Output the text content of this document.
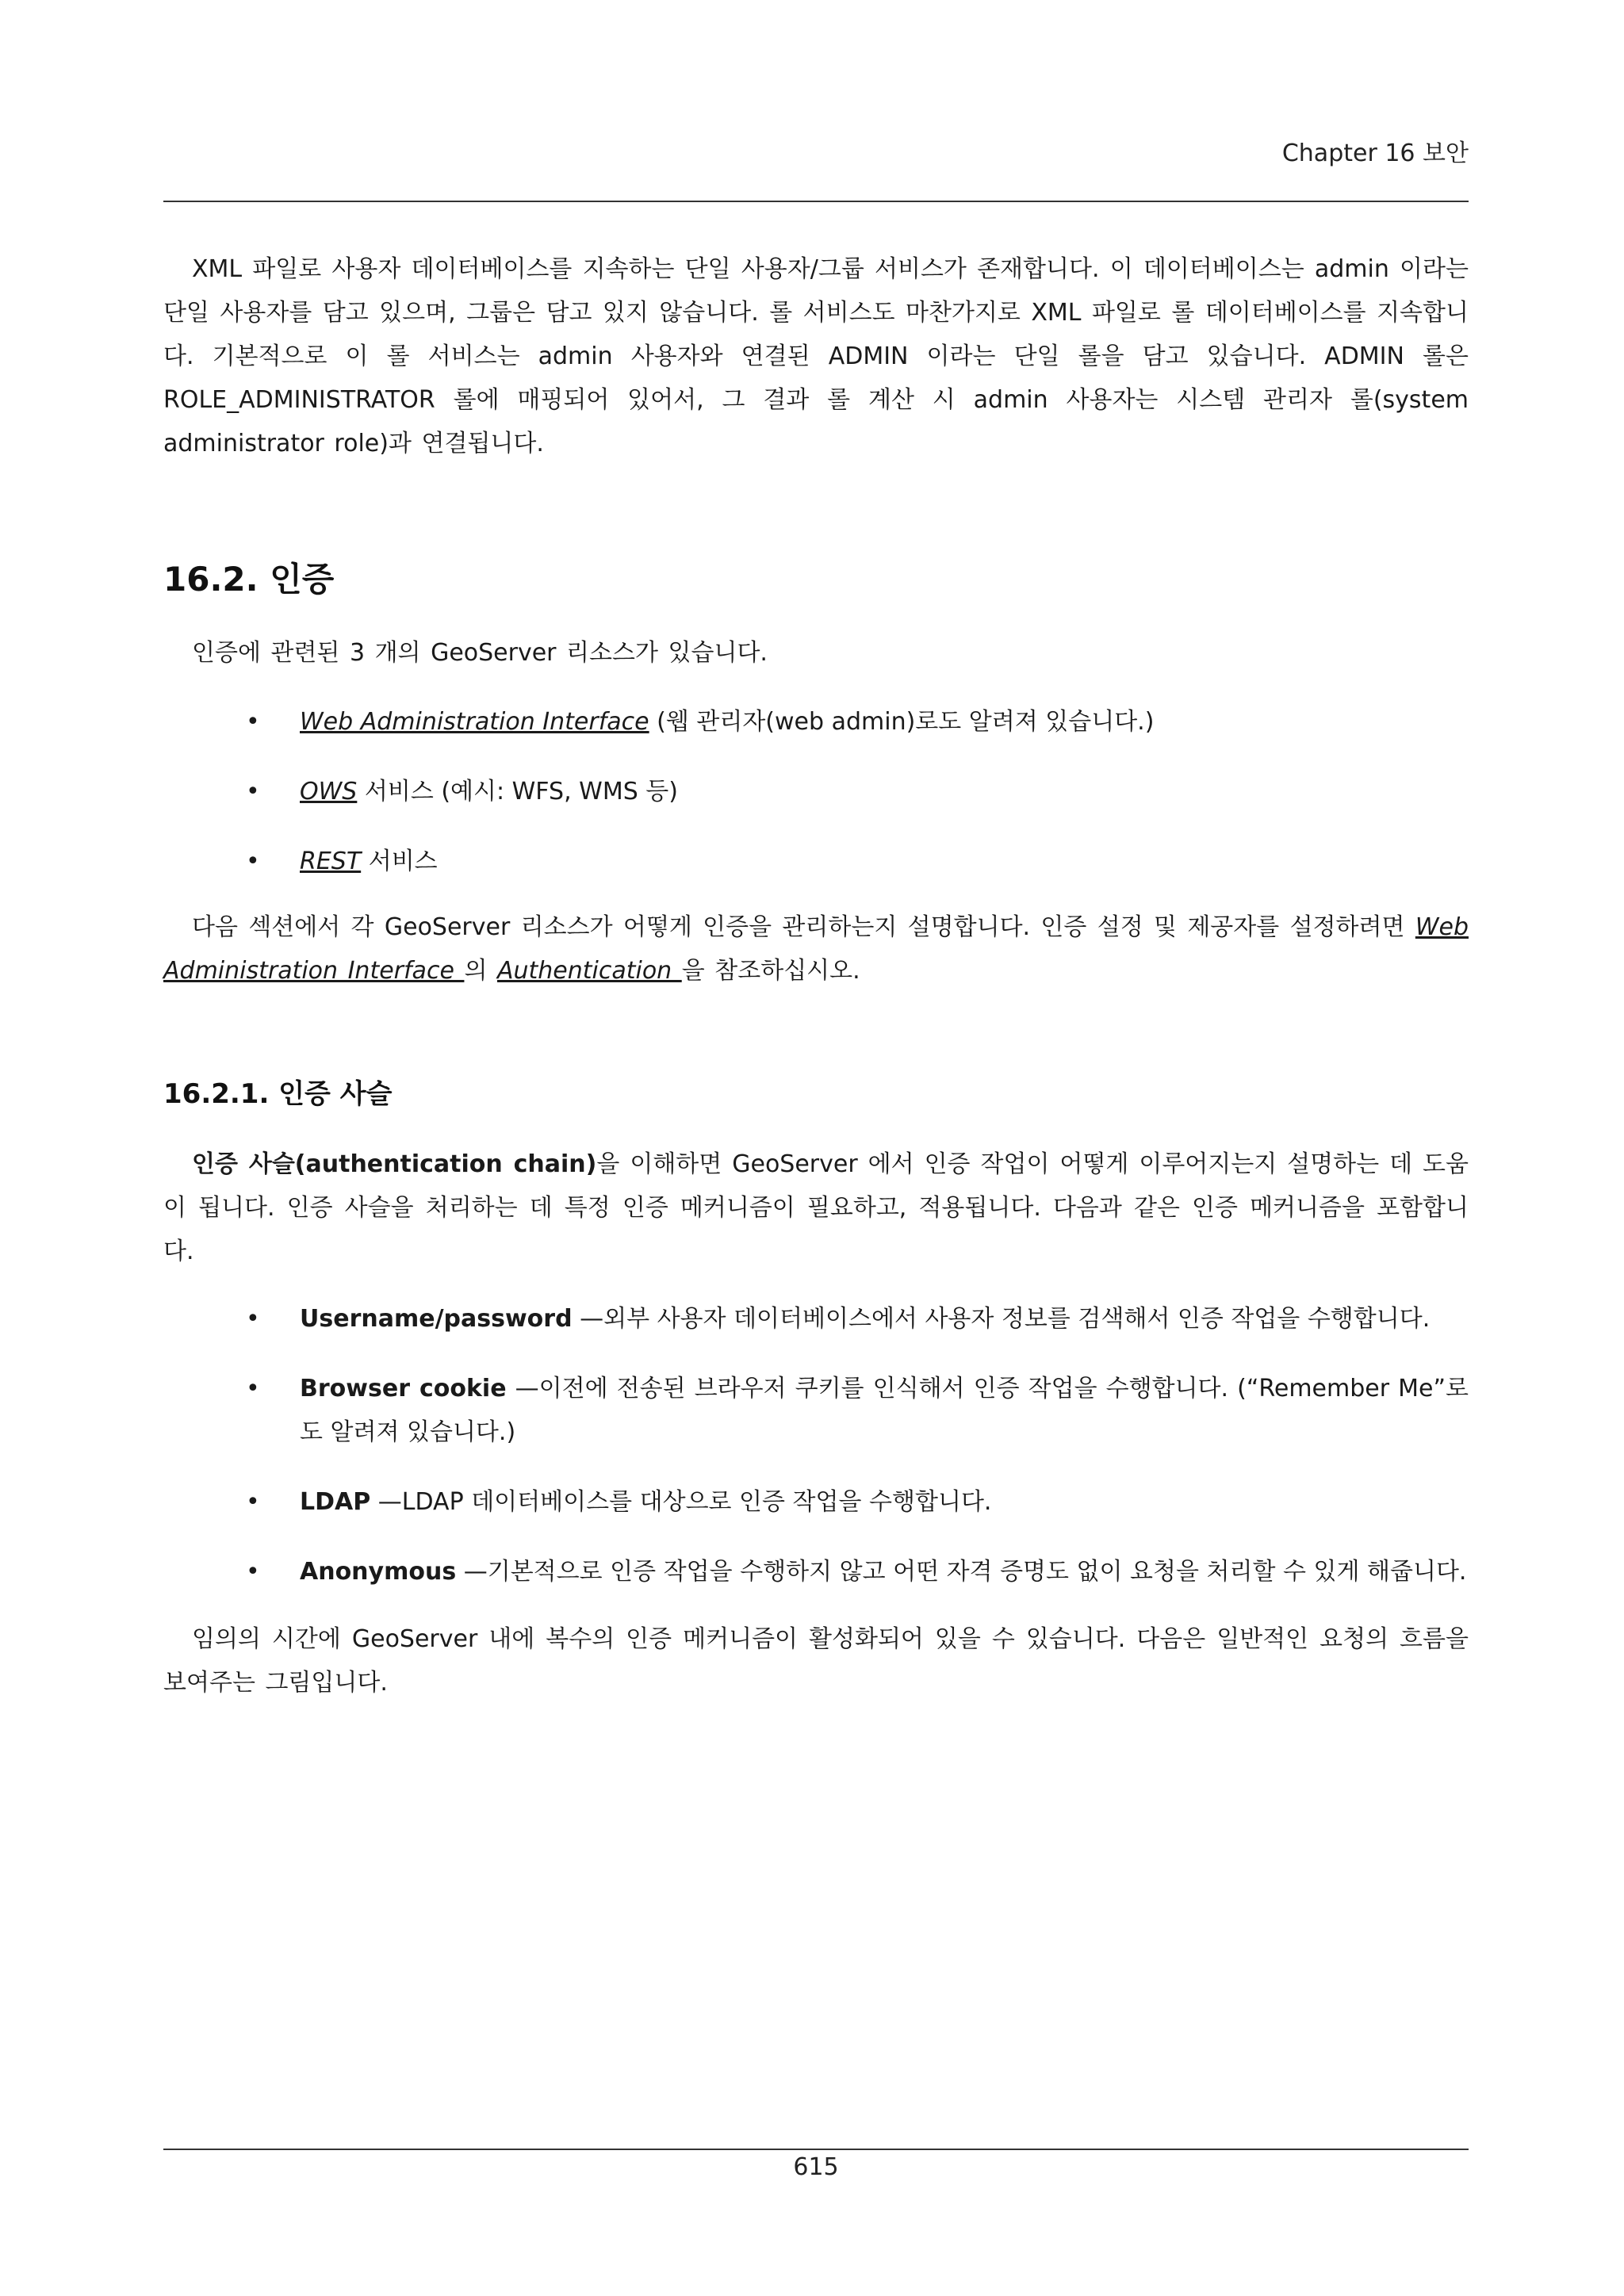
Chapter 16 보안

XML 파일로 사용자 데이터베이스를 지속하는 단일 사용자/그룹 서비스가 존재합니다. 이 데이터베이스는 admin 이라는 단일 사용자를 담고 있으며, 그룹은 담고 있지 않습니다. 롤 서비스도 마찬가지로 XML 파일로 롤 데이터베이스를 지속합니다. 기본적으로 이 롤 서비스는 admin 사용자와 연결된 ADMIN 이라는 단일 롤을 담고 있습니다. ADMIN 롤은 ROLE_ADMINISTRATOR 롤에 매핑되어 있어서, 그 결과 롤 계산 시 admin 사용자는 시스템 관리자 롤(system administrator role)과 연결됩니다.

16.2. 인증

인증에 관련된 3 개의 GeoServer 리소스가 있습니다.

• Web Administration Interface (웹 관리자(web admin)로도 알려져 있습니다.)
• OWS 서비스 (예시: WFS, WMS 등)
• REST 서비스

다음 섹션에서 각 GeoServer 리소스가 어떻게 인증을 관리하는지 설명합니다. 인증 설정 및 제공자를 설정하려면 Web Administration Interface 의 Authentication 을 참조하십시오.

16.2.1. 인증 사슬

인증 사슬(authentication chain)을 이해하면 GeoServer 에서 인증 작업이 어떻게 이루어지는지 설명하는 데 도움이 됩니다. 인증 사슬을 처리하는 데 특정 인증 메커니즘이 필요하고, 적용됩니다. 다음과 같은 인증 메커니즘을 포함합니다.

• Username/password —외부 사용자 데이터베이스에서 사용자 정보를 검색해서 인증 작업을 수행합니다.
• Browser cookie —이전에 전송된 브라우저 쿠키를 인식해서 인증 작업을 수행합니다. (“Remember Me”로도 알려져 있습니다.)
• LDAP —LDAP 데이터베이스를 대상으로 인증 작업을 수행합니다.
• Anonymous —기본적으로 인증 작업을 수행하지 않고 어떤 자격 증명도 없이 요청을 처리할 수 있게 해줍니다.

임의의 시간에 GeoServer 내에 복수의 인증 메커니즘이 활성화되어 있을 수 있습니다. 다음은 일반적인 요청의 흐름을 보여주는 그림입니다.

615
